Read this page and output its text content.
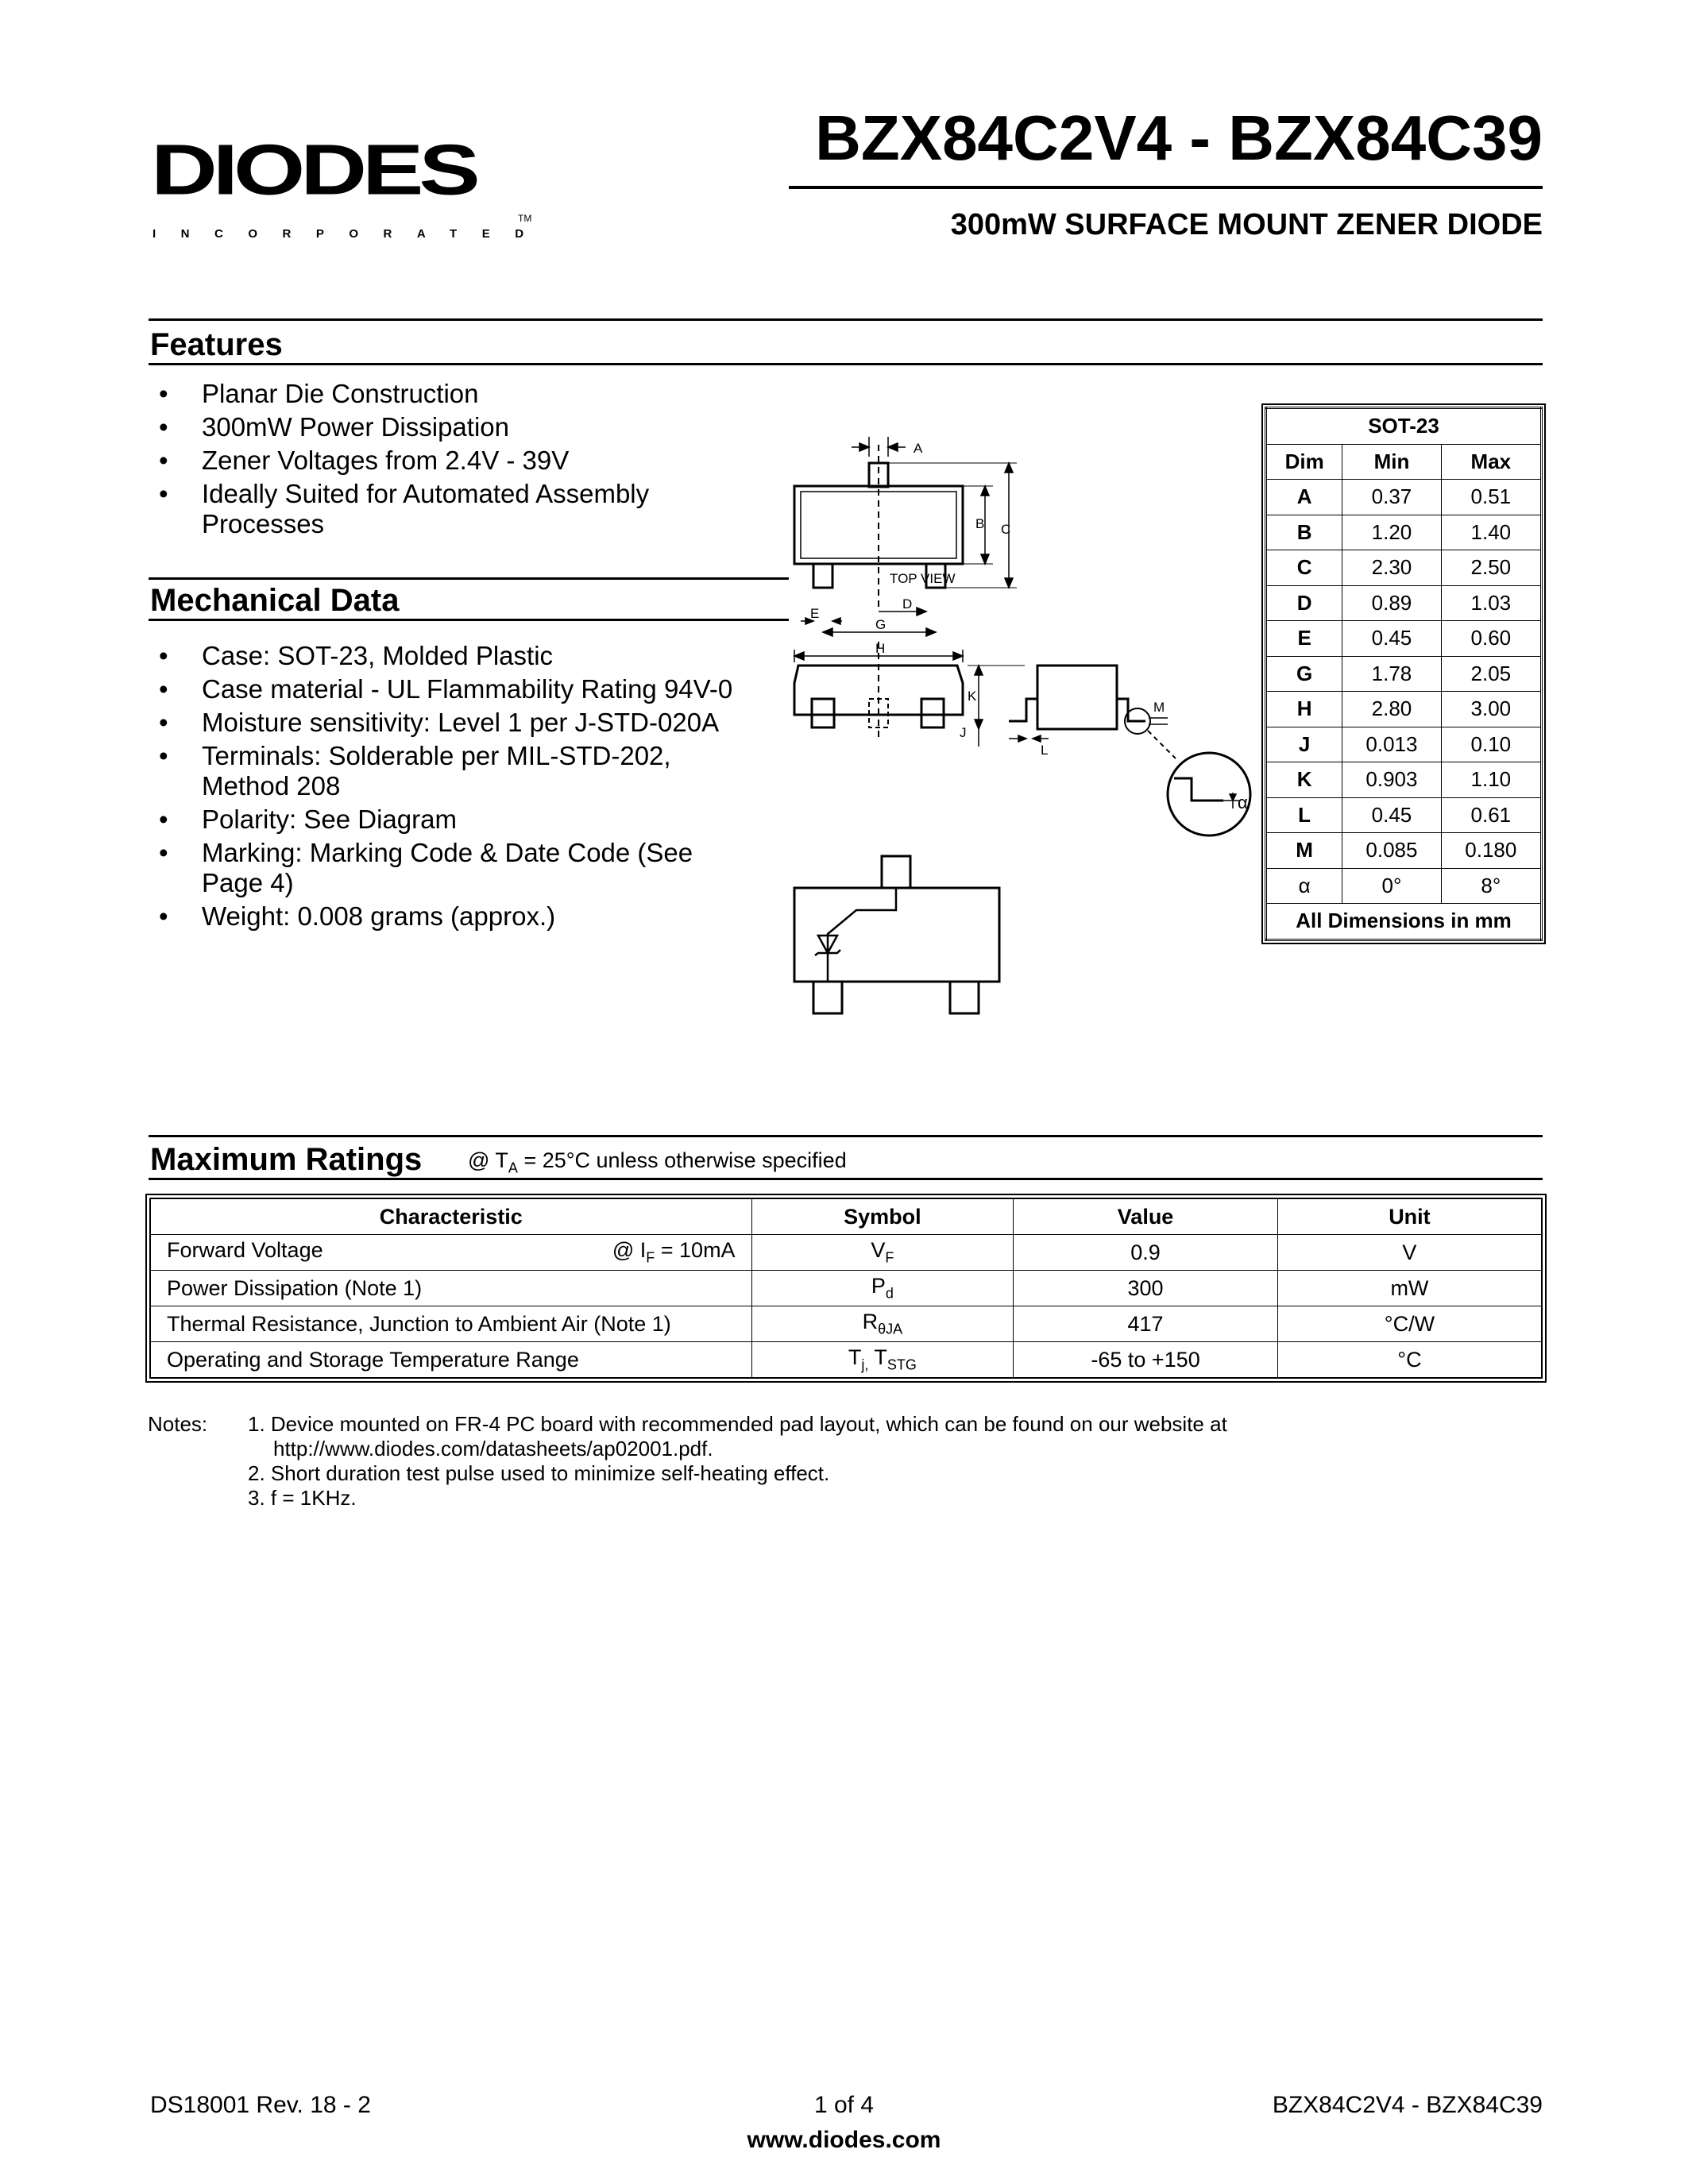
DIODES
INCORPORATED
TM
BZX84C2V4 - BZX84C39
300mW SURFACE MOUNT ZENER DIODE
Features
• Planar Die Construction
• 300mW Power Dissipation
• Zener Voltages from 2.4V - 39V
• Ideally Suited for Automated Assembly Processes
Mechanical Data
• Case: SOT-23, Molded Plastic
• Case material - UL Flammability Rating 94V-0
• Moisture sensitivity: Level 1 per J-STD-020A
• Terminals: Solderable per MIL-STD-202, Method 208
• Polarity: See Diagram
• Marking: Marking Code & Date Code (See Page 4)
• Weight: 0.008 grams (approx.)
A
B C
TOP VIEW
D
E
G
H
K
J
L
M
α
SOT-23		
Dim	Min	Max
A	0.37	0.51
B	1.20	1.40
C	2.30	2.50
D	0.89	1.03
E	0.45	0.60
G	1.78	2.05
H	2.80	3.00
J	0.013	0.10
K	0.903	1.10
L	0.45	0.61
M	0.085	0.180
α	0°	8°
All Dimensions in mm		
Maximum Ratings @ $T_A = 25^\circ C$ unless otherwise specified
Characteristic	Symbol	Value	Unit
Forward Voltage @ $I_F = 10mA$	$V_F$	0.9	V
Power Dissipation (Note 1)	$P_d$	300	mW
Thermal Resistance, Junction to Ambient Air (Note 1)	$R_{\theta JA}$	417	°C/W
Operating and Storage Temperature Range	$T_{j,}$ $T_{STG}$	-65 to +150	°C
Notes: 1. Device mounted on FR-4 PC board with recommended pad layout, which can be found on our website at
http://www.diodes.com/datasheets/ap02001.pdf.
2. Short duration test pulse used to minimize self-heating effect.
3. f = 1KHz.
DS18001 Rev. 18 - 2	1 of 4	BZX84C2V4 - BZX84C39
www.diodes.com
